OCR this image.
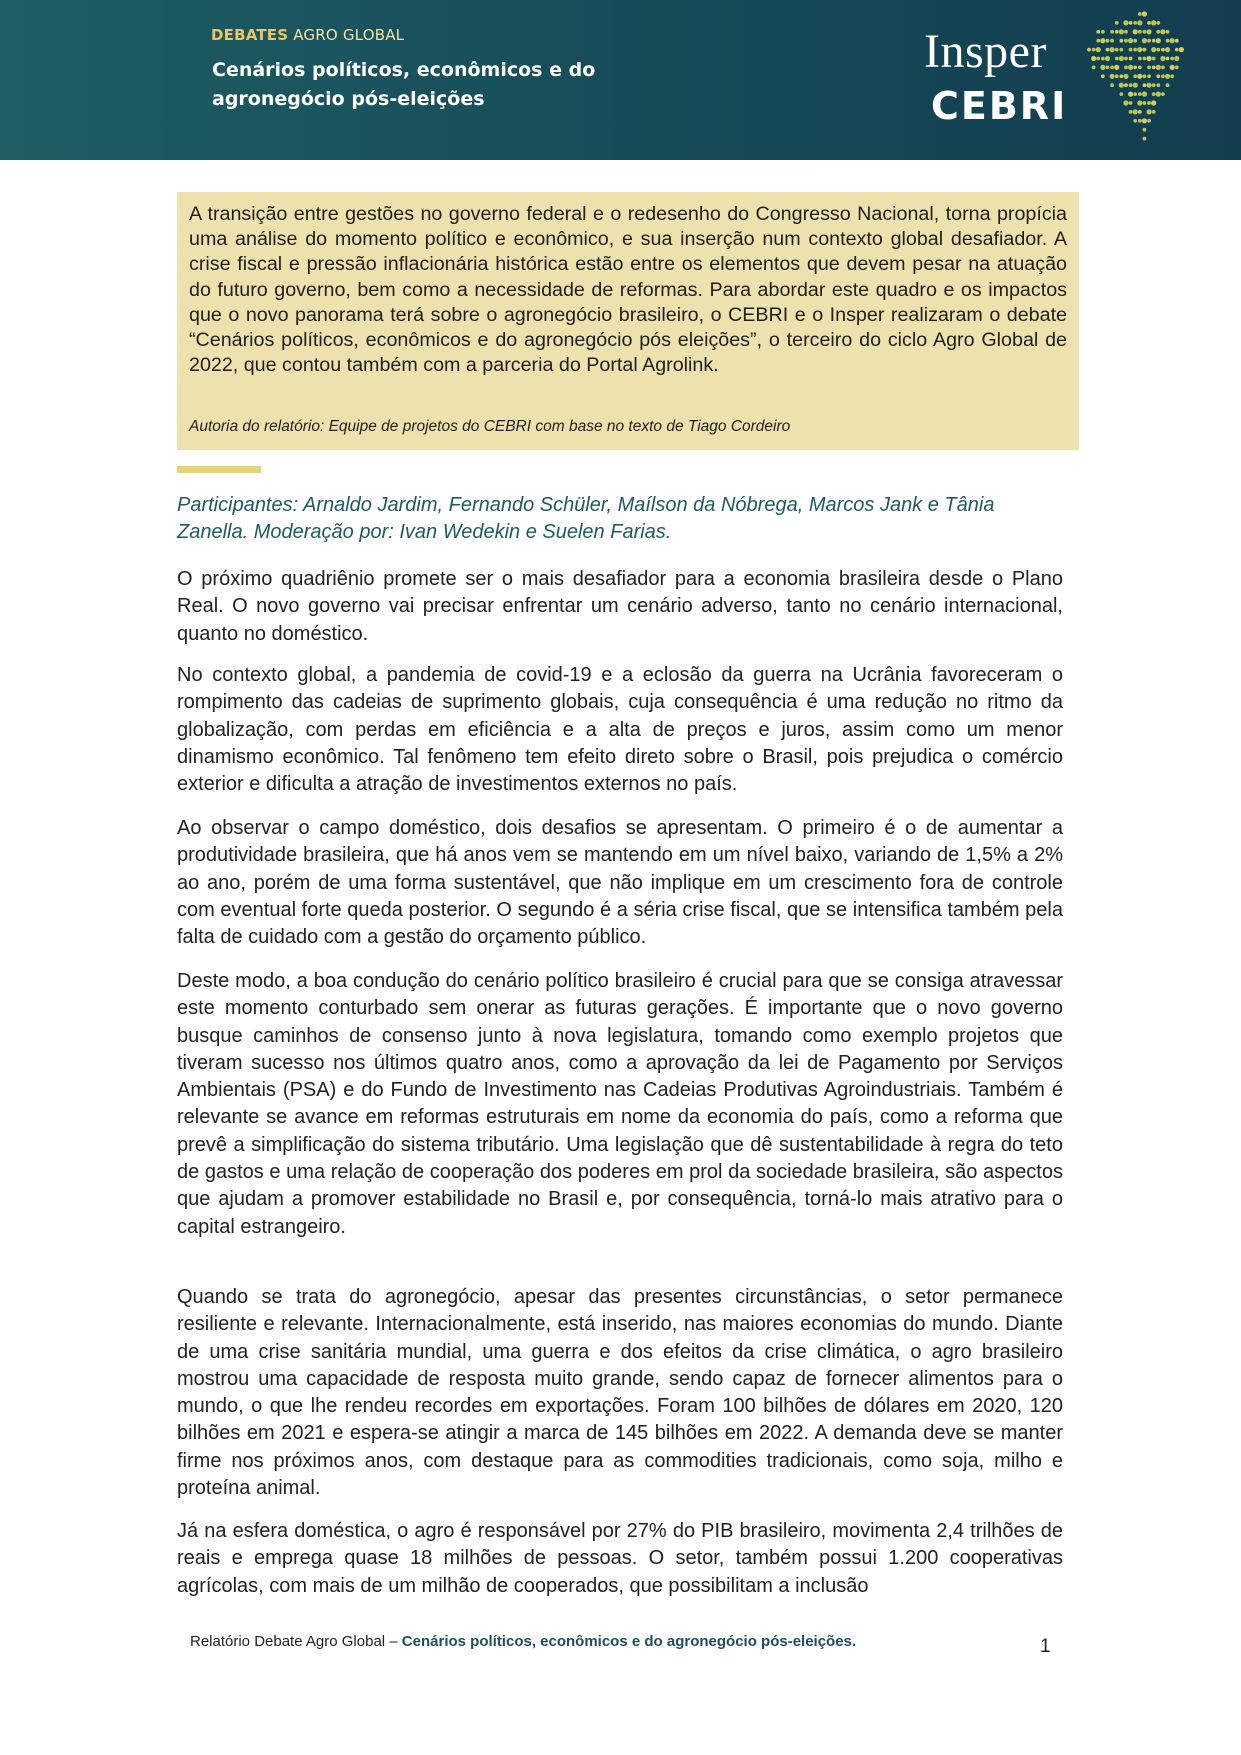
DEBATES AGRO GLOBAL
Cenários políticos, econômicos e do agronegócio pós-eleições
Insper
CEBRI

A transição entre gestões no governo federal e o redesenho do Congresso Nacional, torna propícia uma análise do momento político e econômico, e sua inserção num contexto global desafiador. A crise fiscal e pressão inflacionária histórica estão entre os elementos que devem pesar na atuação do futuro governo, bem como a necessidade de reformas. Para abordar este quadro e os impactos que o novo panorama terá sobre o agronegócio brasileiro, o CEBRI e o Insper realizaram o debate “Cenários políticos, econômicos e do agronegócio pós eleições”, o terceiro do ciclo Agro Global de 2022, que contou também com a parceria do Portal Agrolink.

Autoria do relatório: Equipe de projetos do CEBRI com base no texto de Tiago Cordeiro

Participantes: Arnaldo Jardim, Fernando Schüler, Maílson da Nóbrega, Marcos Jank e Tânia Zanella. Moderação por: Ivan Wedekin e Suelen Farias.

O próximo quadriênio promete ser o mais desafiador para a economia brasileira desde o Plano Real. O novo governo vai precisar enfrentar um cenário adverso, tanto no cenário internacional, quanto no doméstico.

No contexto global, a pandemia de covid-19 e a eclosão da guerra na Ucrânia favoreceram o rompimento das cadeias de suprimento globais, cuja consequência é uma redução no ritmo da globalização, com perdas em eficiência e a alta de preços e juros, assim como um menor dinamismo econômico. Tal fenômeno tem efeito direto sobre o Brasil, pois prejudica o comércio exterior e dificulta a atração de investimentos externos no país.

Ao observar o campo doméstico, dois desafios se apresentam. O primeiro é o de aumentar a produtividade brasileira, que há anos vem se mantendo em um nível baixo, variando de 1,5% a 2% ao ano, porém de uma forma sustentável, que não implique em um crescimento fora de controle com eventual forte queda posterior. O segundo é a séria crise fiscal, que se intensifica também pela falta de cuidado com a gestão do orçamento público.

Deste modo, a boa condução do cenário político brasileiro é crucial para que se consiga atravessar este momento conturbado sem onerar as futuras gerações. É importante que o novo governo busque caminhos de consenso junto à nova legislatura, tomando como exemplo projetos que tiveram sucesso nos últimos quatro anos, como a aprovação da lei de Pagamento por Serviços Ambientais (PSA) e do Fundo de Investimento nas Cadeias Produtivas Agroindustriais. Também é relevante se avance em reformas estruturais em nome da economia do país, como a reforma que prevê a simplificação do sistema tributário. Uma legislação que dê sustentabilidade à regra do teto de gastos e uma relação de cooperação dos poderes em prol da sociedade brasileira, são aspectos que ajudam a promover estabilidade no Brasil e, por consequência, torná-lo mais atrativo para o capital estrangeiro.

Quando se trata do agronegócio, apesar das presentes circunstâncias, o setor permanece resiliente e relevante. Internacionalmente, está inserido, nas maiores economias do mundo. Diante de uma crise sanitária mundial, uma guerra e dos efeitos da crise climática, o agro brasileiro mostrou uma capacidade de resposta muito grande, sendo capaz de fornecer alimentos para o mundo, o que lhe rendeu recordes em exportações. Foram 100 bilhões de dólares em 2020, 120 bilhões em 2021 e espera-se atingir a marca de 145 bilhões em 2022. A demanda deve se manter firme nos próximos anos, com destaque para as commodities tradicionais, como soja, milho e proteína animal.

Já na esfera doméstica, o agro é responsável por 27% do PIB brasileiro, movimenta 2,4 trilhões de reais e emprega quase 18 milhões de pessoas. O setor, também possui 1.200 cooperativas agrícolas, com mais de um milhão de cooperados, que possibilitam a inclusão

Relatório Debate Agro Global – Cenários políticos, econômicos e do agronegócio pós-eleições.	1
